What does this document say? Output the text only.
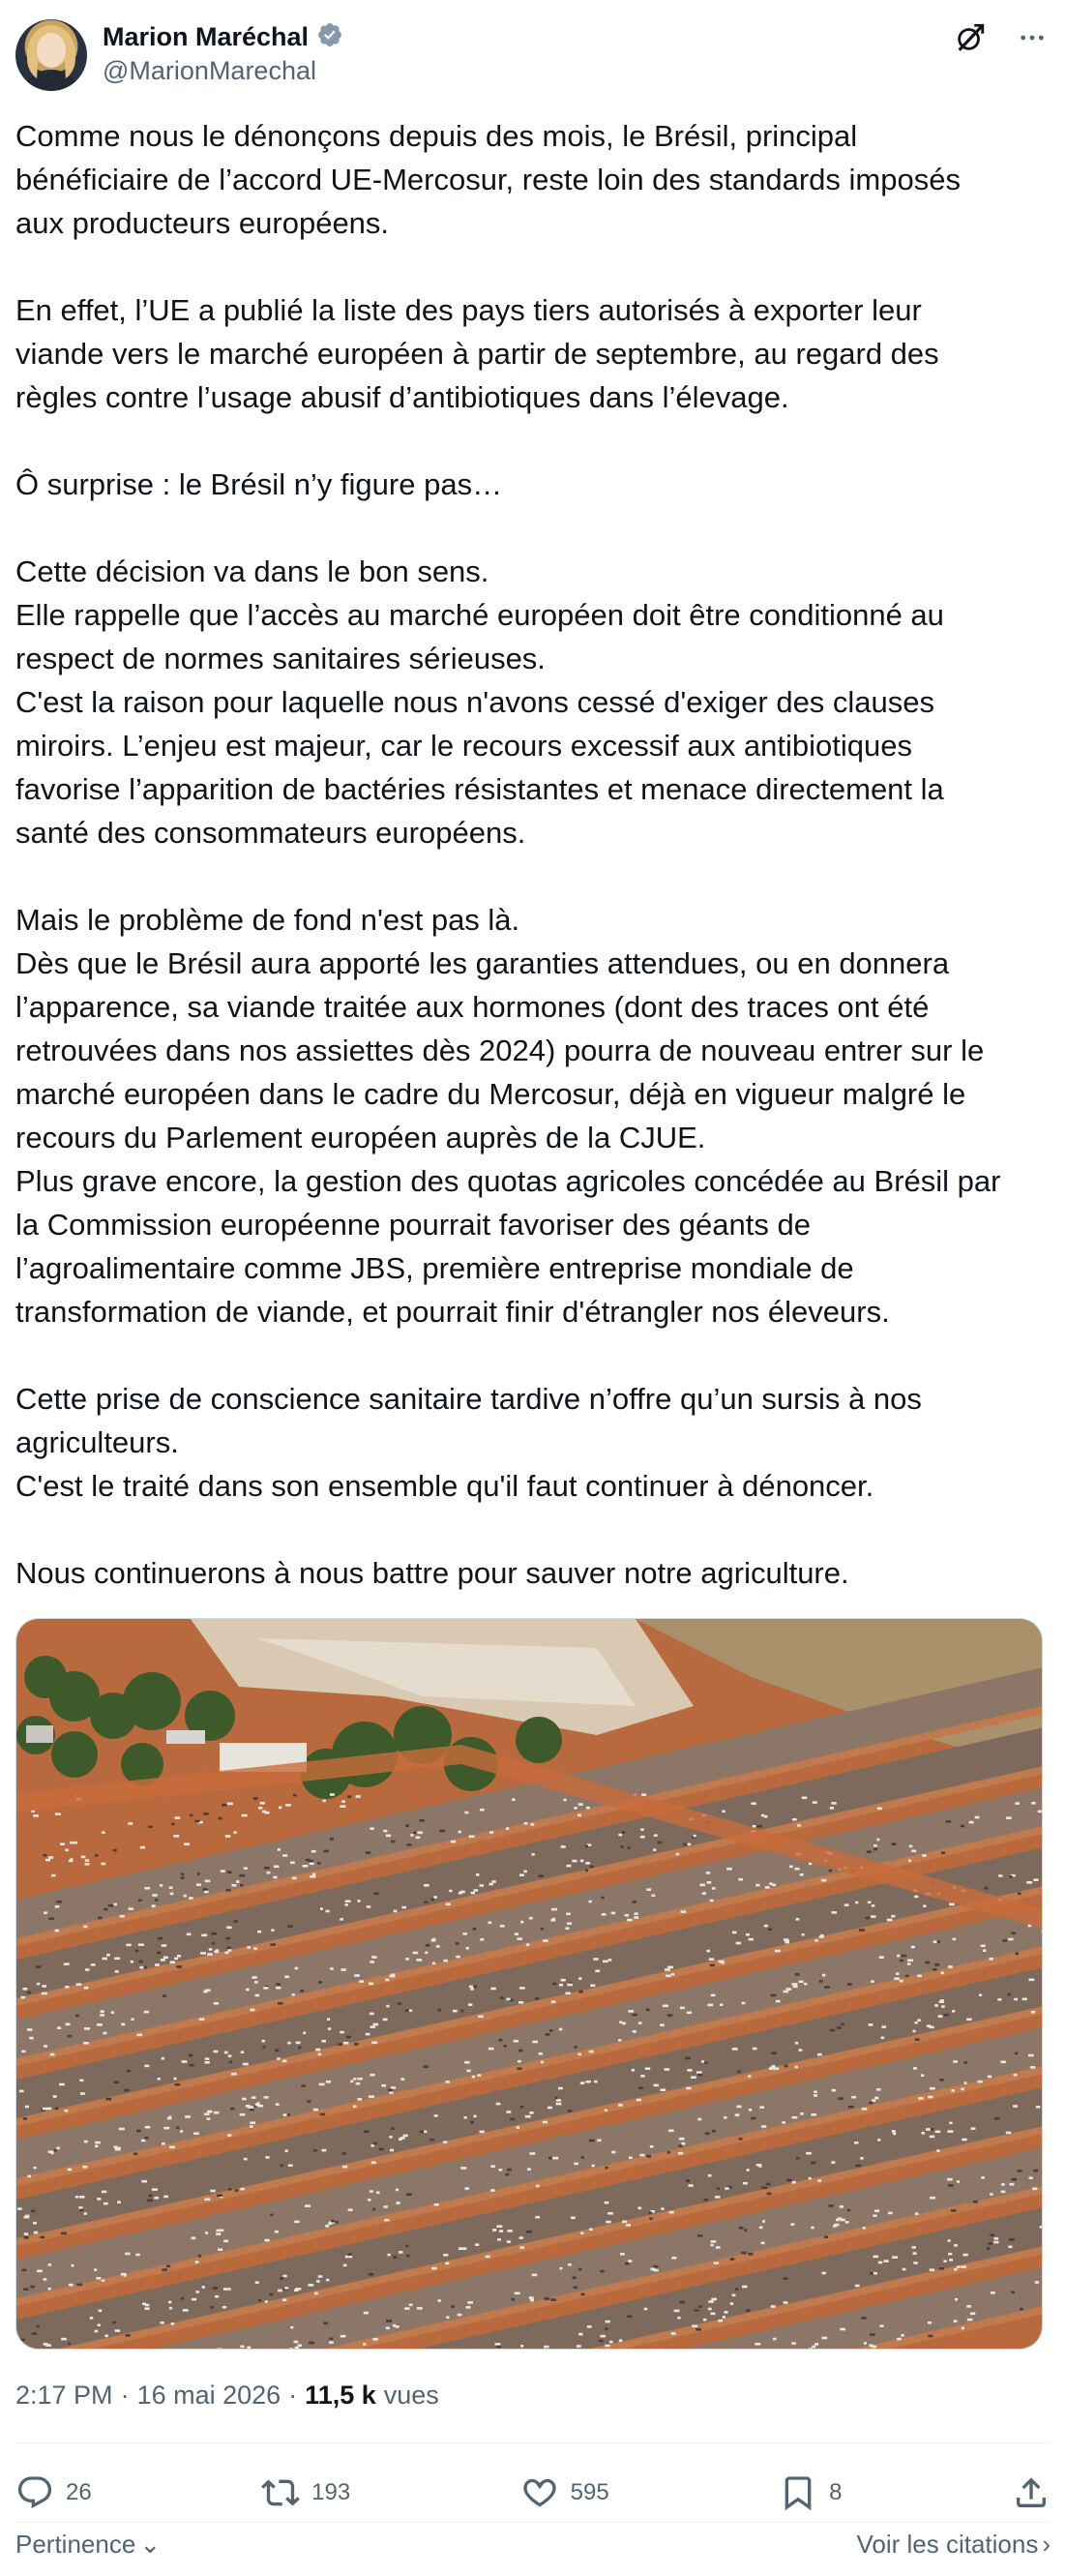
Marion Maréchal
@MarionMarechal

Comme nous le dénonçons depuis des mois, le Brésil, principal

bénéficiaire de l’accord UE-Mercosur, reste loin des standards imposés

aux producteurs européens.

En effet, l’UE a publié la liste des pays tiers autorisés à exporter leur

viande vers le marché européen à partir de septembre, au regard des

règles contre l’usage abusif d’antibiotiques dans l’élevage.

Ô surprise : le Brésil n’y figure pas…

Cette décision va dans le bon sens.

Elle rappelle que l’accès au marché européen doit être conditionné au

respect de normes sanitaires sérieuses.

C'est la raison pour laquelle nous n'avons cessé d'exiger des clauses

miroirs. L’enjeu est majeur, car le recours excessif aux antibiotiques

favorise l’apparition de bactéries résistantes et menace directement la

santé des consommateurs européens.

Mais le problème de fond n'est pas là.

Dès que le Brésil aura apporté les garanties attendues, ou en donnera

l’apparence, sa viande traitée aux hormones (dont des traces ont été

retrouvées dans nos assiettes dès 2024) pourra de nouveau entrer sur le

marché européen dans le cadre du Mercosur, déjà en vigueur malgré le

recours du Parlement européen auprès de la CJUE.

Plus grave encore, la gestion des quotas agricoles concédée au Brésil par

la Commission européenne pourrait favoriser des géants de

l’agroalimentaire comme JBS, première entreprise mondiale de

transformation de viande, et pourrait finir d'étrangler nos éleveurs.

Cette prise de conscience sanitaire tardive n’offre qu’un sursis à nos

agriculteurs.

C'est le traité dans son ensemble qu'il faut continuer à dénoncer.

Nous continuerons à nous battre pour sauver notre agriculture.

2:17 PM · 16 mai 2026 · 11,5 k vues
26	193	595	8
Pertinence ⌄	Voir les citations ›
